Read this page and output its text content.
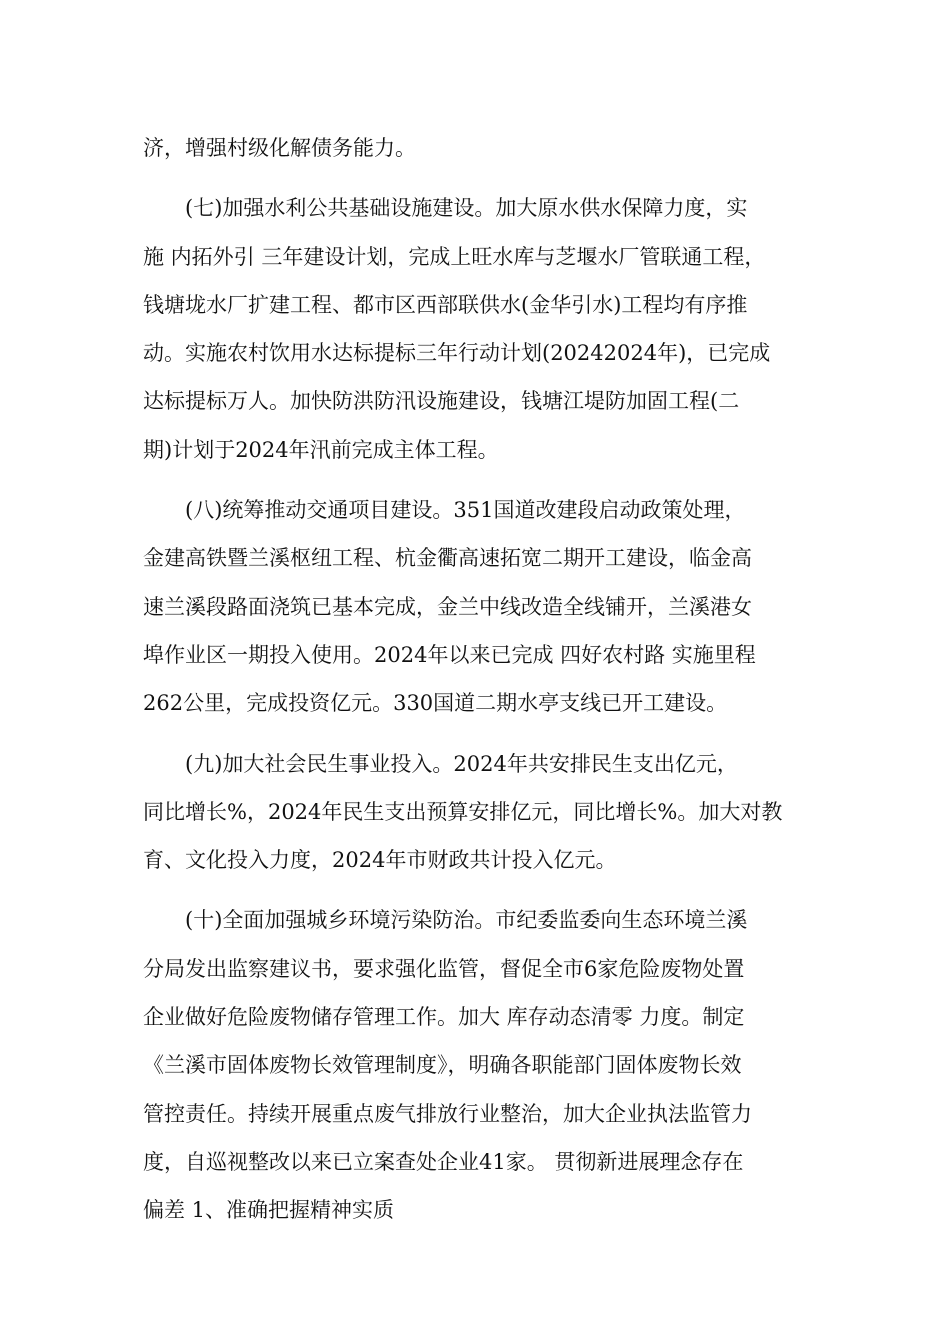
济，增强村级化解债务能力。
(七)加强水利公共基础设施建设。加大原水供水保障力度，实
施 内拓外引 三年建设计划，完成上旺水库与芝堰水厂管联通工程，
钱塘垅水厂扩建工程、都市区西部联供水(金华引水)工程均有序推
动。实施农村饮用水达标提标三年行动计划(20242024年)，已完成
达标提标万人。加快防洪防汛设施建设，钱塘江堤防加固工程(二
期)计划于2024年汛前完成主体工程。
(八)统筹推动交通项目建设。351国道改建段启动政策处理，
金建高铁暨兰溪枢纽工程、杭金衢高速拓宽二期开工建设，临金高
速兰溪段路面浇筑已基本完成，金兰中线改造全线铺开，兰溪港女
埠作业区一期投入使用。2024年以来已完成 四好农村路 实施里程
262公里，完成投资亿元。330国道二期水亭支线已开工建设。
(九)加大社会民生事业投入。2024年共安排民生支出亿元，
同比增长%，2024年民生支出预算安排亿元，同比增长%。加大对教
育、文化投入力度，2024年市财政共计投入亿元。
(十)全面加强城乡环境污染防治。市纪委监委向生态环境兰溪
分局发出监察建议书，要求强化监管，督促全市6家危险废物处置
企业做好危险废物储存管理工作。加大 库存动态清零 力度。制定
《兰溪市固体废物长效管理制度》，明确各职能部门固体废物长效
管控责任。持续开展重点废气排放行业整治，加大企业执法监管力
度，自巡视整改以来已立案查处企业41家。 贯彻新进展理念存在
偏差 1、准确把握精神实质
